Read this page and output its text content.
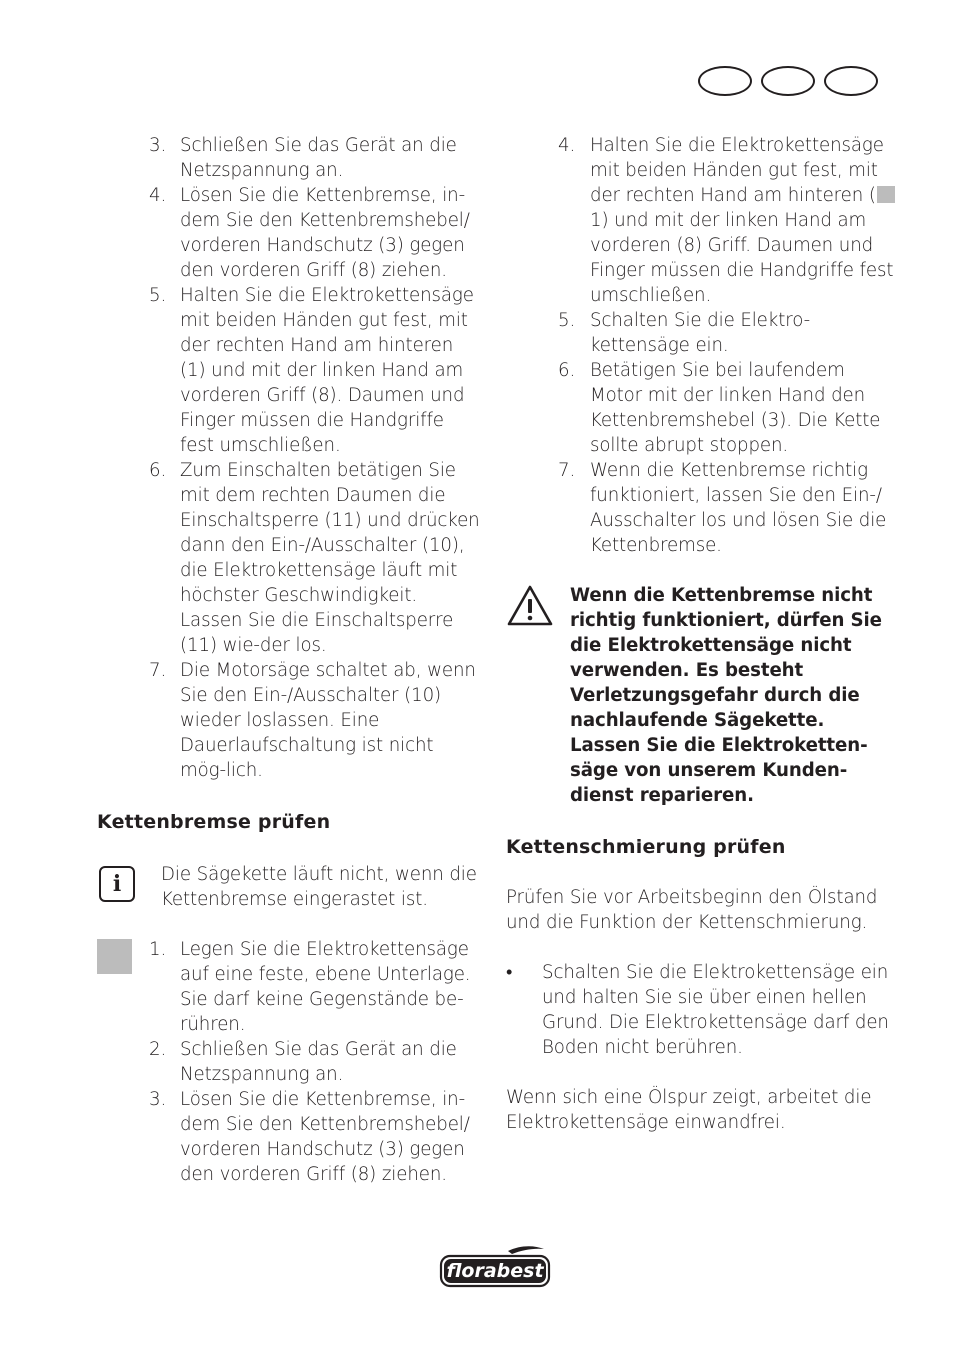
3. Schließen Sie das Gerät an die Netzspannung an.
4. Lösen Sie die Kettenbremse, in-dem Sie den Kettenbremshebel/ vorderen Handschutz (3) gegen den vorderen Griff (8) ziehen.
5. Halten Sie die Elektrokettensäge mit beiden Händen gut fest, mit der rechten Hand am hinteren (1) und mit der linken Hand am vorderen Griff (8). Daumen und Finger müssen die Handgriffe fest umschließen.
6. Zum Einschalten betätigen Sie mit dem rechten Daumen die Einschaltsperre (11) und drücken dann den Ein-/Ausschalter (10), die Elektrokettensäge läuft mit höchster Geschwindigkeit. Lassen Sie die Einschaltsperre (11) wie-der los.
7. Die Motorsäge schaltet ab, wenn Sie den Ein-/Ausschalter (10) wieder loslassen. Eine Dauerlaufschaltung ist nicht mög-lich.
Kettenbremse prüfen
i	Die Sägekette läuft nicht, wenn die Kettenbremse eingerastet ist.
1. Legen Sie die Elektrokettensäge auf eine feste, ebene Unterlage. Sie darf keine Gegenstände be-rühren.
2. Schließen Sie das Gerät an die Netzspannung an.
3. Lösen Sie die Kettenbremse, in-dem Sie den Kettenbremshebel/ vorderen Handschutz (3) gegen den vorderen Griff (8) ziehen.
4. Halten Sie die Elektrokettensäge mit beiden Händen gut fest, mit der rechten Hand am hinteren (1) und mit der linken Hand am vorderen (8) Griff. Daumen und Finger müssen die Handgriffe fest umschließen.
5. Schalten Sie die Elektro-kettensäge ein.
6. Betätigen Sie bei laufendem Motor mit der linken Hand den Kettenbremshebel (3). Die Kette sollte abrupt stoppen.
7. Wenn die Kettenbremse richtig funktioniert, lassen Sie den Ein-/ Ausschalter los und lösen Sie die Kettenbremse.
Wenn die Kettenbremse nicht richtig funktioniert, dürfen Sie die Elektrokettensäge nicht verwenden. Es besteht Verletzungsgefahr durch die nachlaufende Sägekette. Lassen Sie die Elektroketten-säge von unserem Kunden-dienst reparieren.
Kettenschmierung prüfen

Prüfen Sie vor Arbeitsbeginn den Ölstand und die Funktion der Kettenschmierung.

• Schalten Sie die Elektrokettensäge ein und halten Sie sie über einen hellen Grund. Die Elektrokettensäge darf den Boden nicht berühren.

Wenn sich eine Ölspur zeigt, arbeitet die Elektrokettensäge einwandfrei.

florabest
